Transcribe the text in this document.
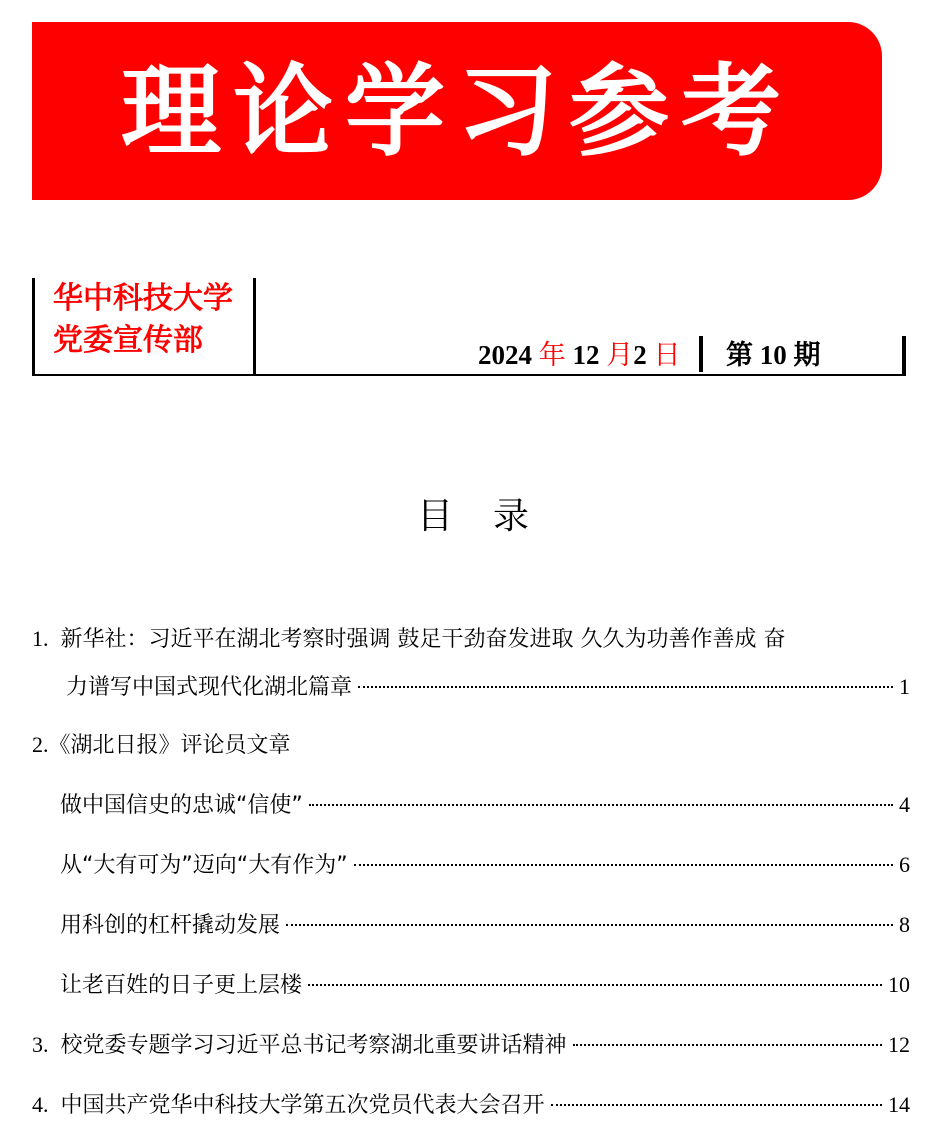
理论学习参考
华中科技大学
党委宣传部	2024 年 12 月2 日 第 10 期
目录
1. 新华社：习近平在湖北考察时强调 鼓足干劲奋发进取 久久为功善作善成 奋
力谱写中国式现代化湖北篇章	1
2. 《湖北日报》评论员文章
做中国信史的忠诚“信使”	4
从“大有可为”迈向“大有作为”	6
用科创的杠杆撬动发展	8
让老百姓的日子更上层楼	10
3. 校党委专题学习习近平总书记考察湖北重要讲话精神	12
4. 中国共产党华中科技大学第五次党员代表大会召开	14
